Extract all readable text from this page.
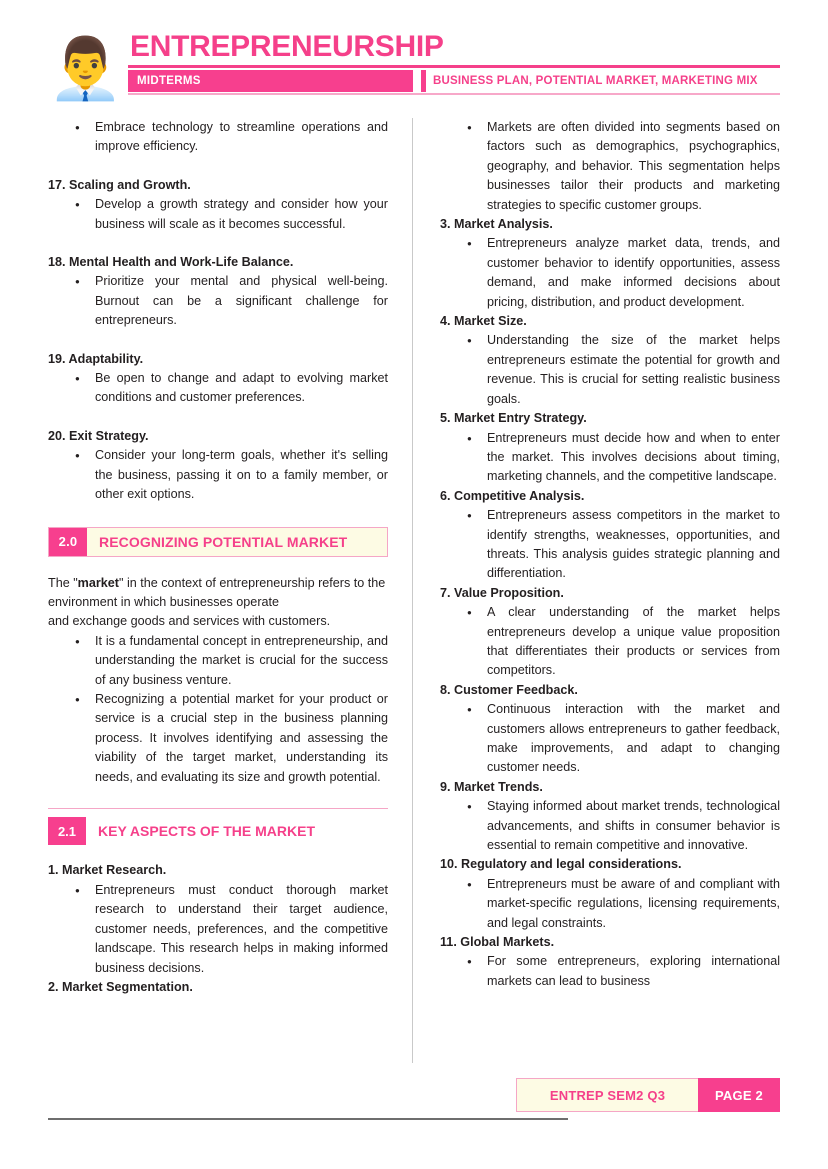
👨‍💼 ENTREPRENEURSHIP
MIDTERMS	BUSINESS PLAN, POTENTIAL MARKET, MARKETING MIX
● Embrace technology to streamline operations and improve efficiency.
17. Scaling and Growth.
● Develop a growth strategy and consider how your business will scale as it becomes successful.
18. Mental Health and Work-Life Balance.
● Prioritize your mental and physical well-being. Burnout can be a significant challenge for entrepreneurs.
19. Adaptability.
● Be open to change and adapt to evolving market conditions and customer preferences.
20. Exit Strategy.
● Consider your long-term goals, whether it's selling the business, passing it on to a family member, or other exit options.
2.0	RECOGNIZING POTENTIAL MARKET

The "market" in the context of entrepreneurship refers to the environment in which businesses operate

and exchange goods and services with customers.

● It is a fundamental concept in entrepreneurship, and understanding the market is crucial for the success of any business venture.
● Recognizing a potential market for your product or service is a crucial step in the business planning process. It involves identifying and assessing the viability of the target market, understanding its needs, and evaluating its size and growth potential.
2.1	KEY ASPECTS OF THE MARKET
1. Market Research.
● Entrepreneurs must conduct thorough market research to understand their target audience, customer needs, preferences, and the competitive landscape. This research helps in making informed business decisions.
2. Market Segmentation.
● Markets are often divided into segments based on factors such as demographics, psychographics, geography, and behavior. This segmentation helps businesses tailor their products and marketing strategies to specific customer groups.
3. Market Analysis.
● Entrepreneurs analyze market data, trends, and customer behavior to identify opportunities, assess demand, and make informed decisions about pricing, distribution, and product development.
4. Market Size.
● Understanding the size of the market helps entrepreneurs estimate the potential for growth and revenue. This is crucial for setting realistic business goals.
5. Market Entry Strategy.
● Entrepreneurs must decide how and when to enter the market. This involves decisions about timing, marketing channels, and the competitive landscape.
6. Competitive Analysis.
● Entrepreneurs assess competitors in the market to identify strengths, weaknesses, opportunities, and threats. This analysis guides strategic planning and differentiation.
7. Value Proposition.
● A clear understanding of the market helps entrepreneurs develop a unique value proposition that differentiates their products or services from competitors.
8. Customer Feedback.
● Continuous interaction with the market and customers allows entrepreneurs to gather feedback, make improvements, and adapt to changing customer needs.
9. Market Trends.
● Staying informed about market trends, technological advancements, and shifts in consumer behavior is essential to remain competitive and innovative.
10. Regulatory and legal considerations.
● Entrepreneurs must be aware of and compliant with market-specific regulations, licensing requirements, and legal constraints.
11. Global Markets.
● For some entrepreneurs, exploring international markets can lead to business
ENTREP SEM2 Q3	PAGE 2
